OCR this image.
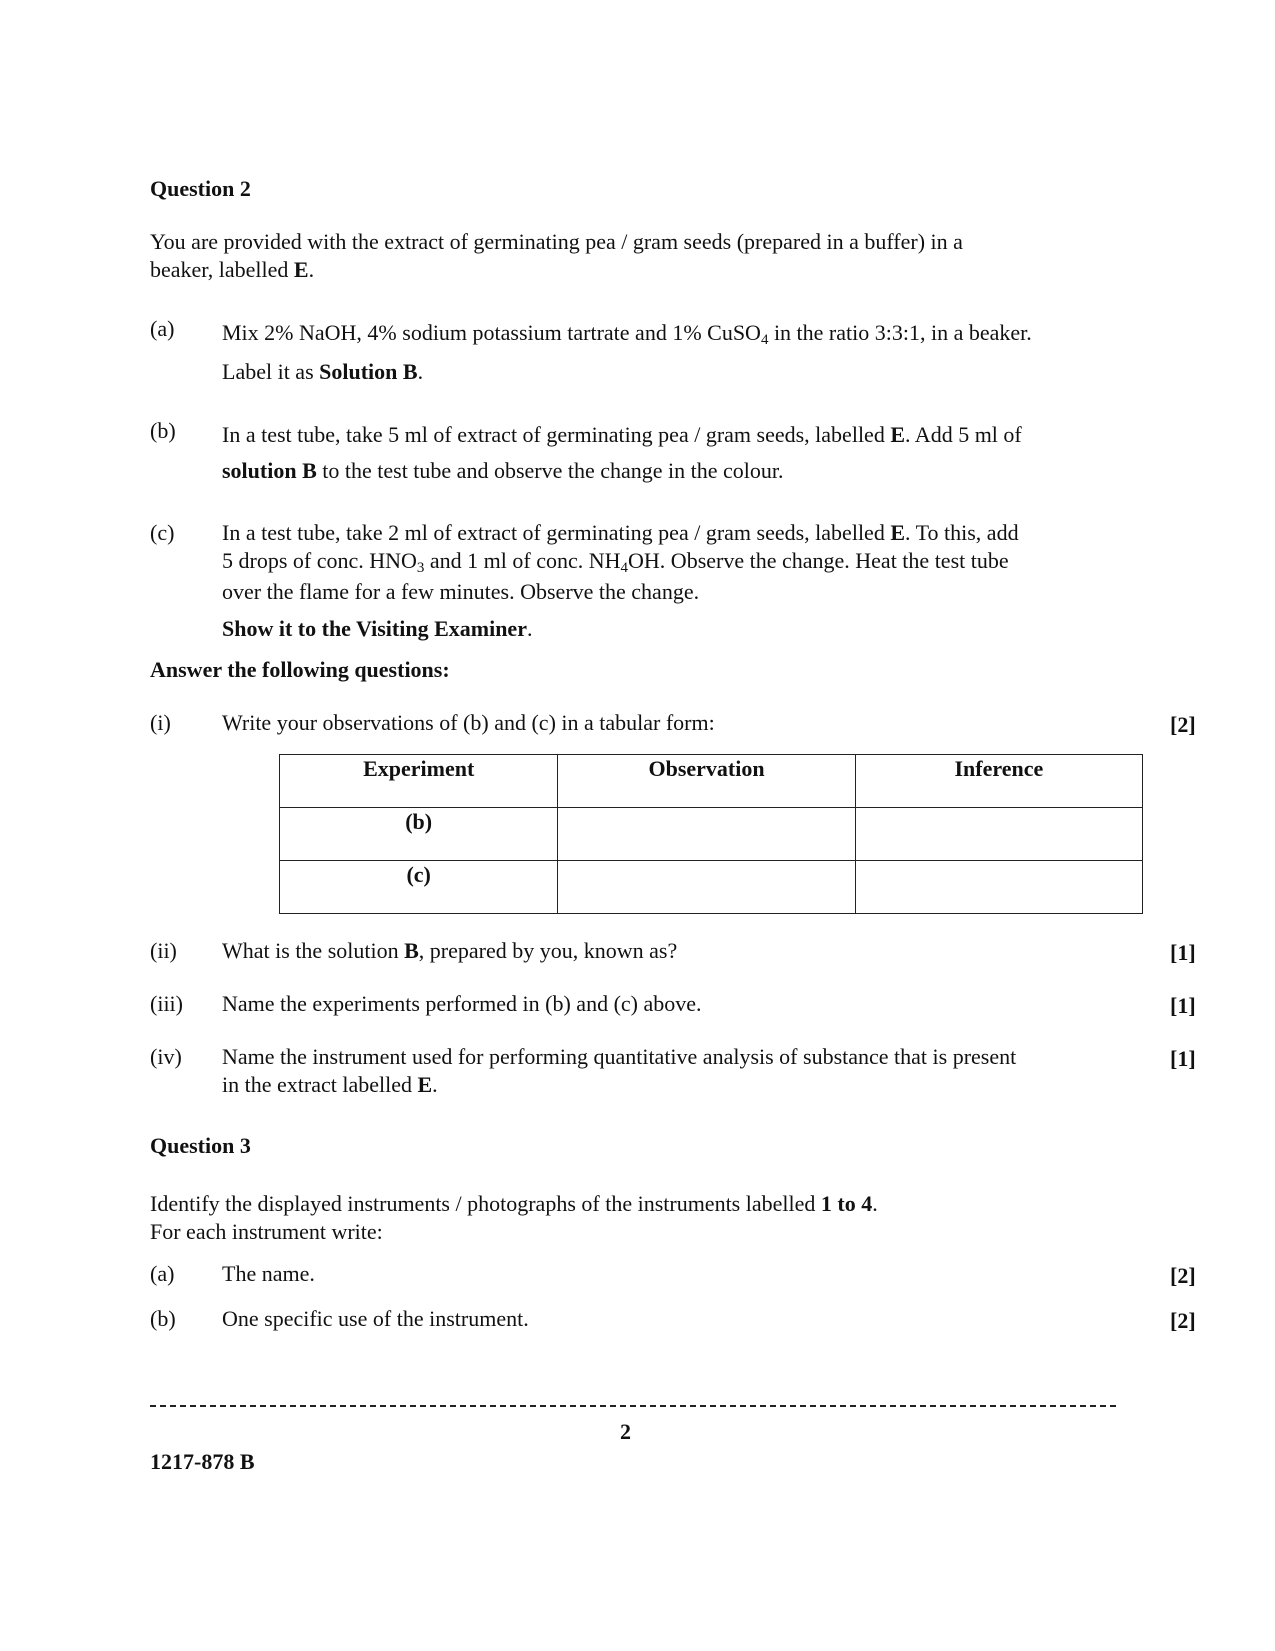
Question 2
You are provided with the extract of germinating pea / gram seeds (prepared in a buffer) in a
beaker, labelled E.
(a) Mix 2% NaOH, 4% sodium potassium tartrate and 1% CuSO$_4$ in the ratio 3:3:1, in a beaker.
Label it as Solution B.
(b) In a test tube, take 5 ml of extract of germinating pea / gram seeds, labelled E. Add 5 ml of
solution B to the test tube and observe the change in the colour.
(c) In a test tube, take 2 ml of extract of germinating pea / gram seeds, labelled E. To this, add
5 drops of conc. $HNO_3$ and 1 ml of conc. $NH_4OH$. Observe the change. Heat the test tube
over the flame for a few minutes. Observe the change.
Show it to the Visiting Examiner.
Answer the following questions:
(i) Write your observations of (b) and (c) in a tabular form:	[2]
Experiment	Observation	Inference
(b)		
(c)		
(ii) What is the solution B, prepared by you, known as?	[1]
(iii) Name the experiments performed in (b) and (c) above.	[1]
(iv) Name the instrument used for performing quantitative analysis of substance that is present
in the extract labelled E.
[1]
Question 3
Identify the displayed instruments / photographs of the instruments labelled 1 to 4.
For each instrument write:
(a) The name.	[2]
(b) One specific use of the instrument.	[2]
2
1217-878 B
